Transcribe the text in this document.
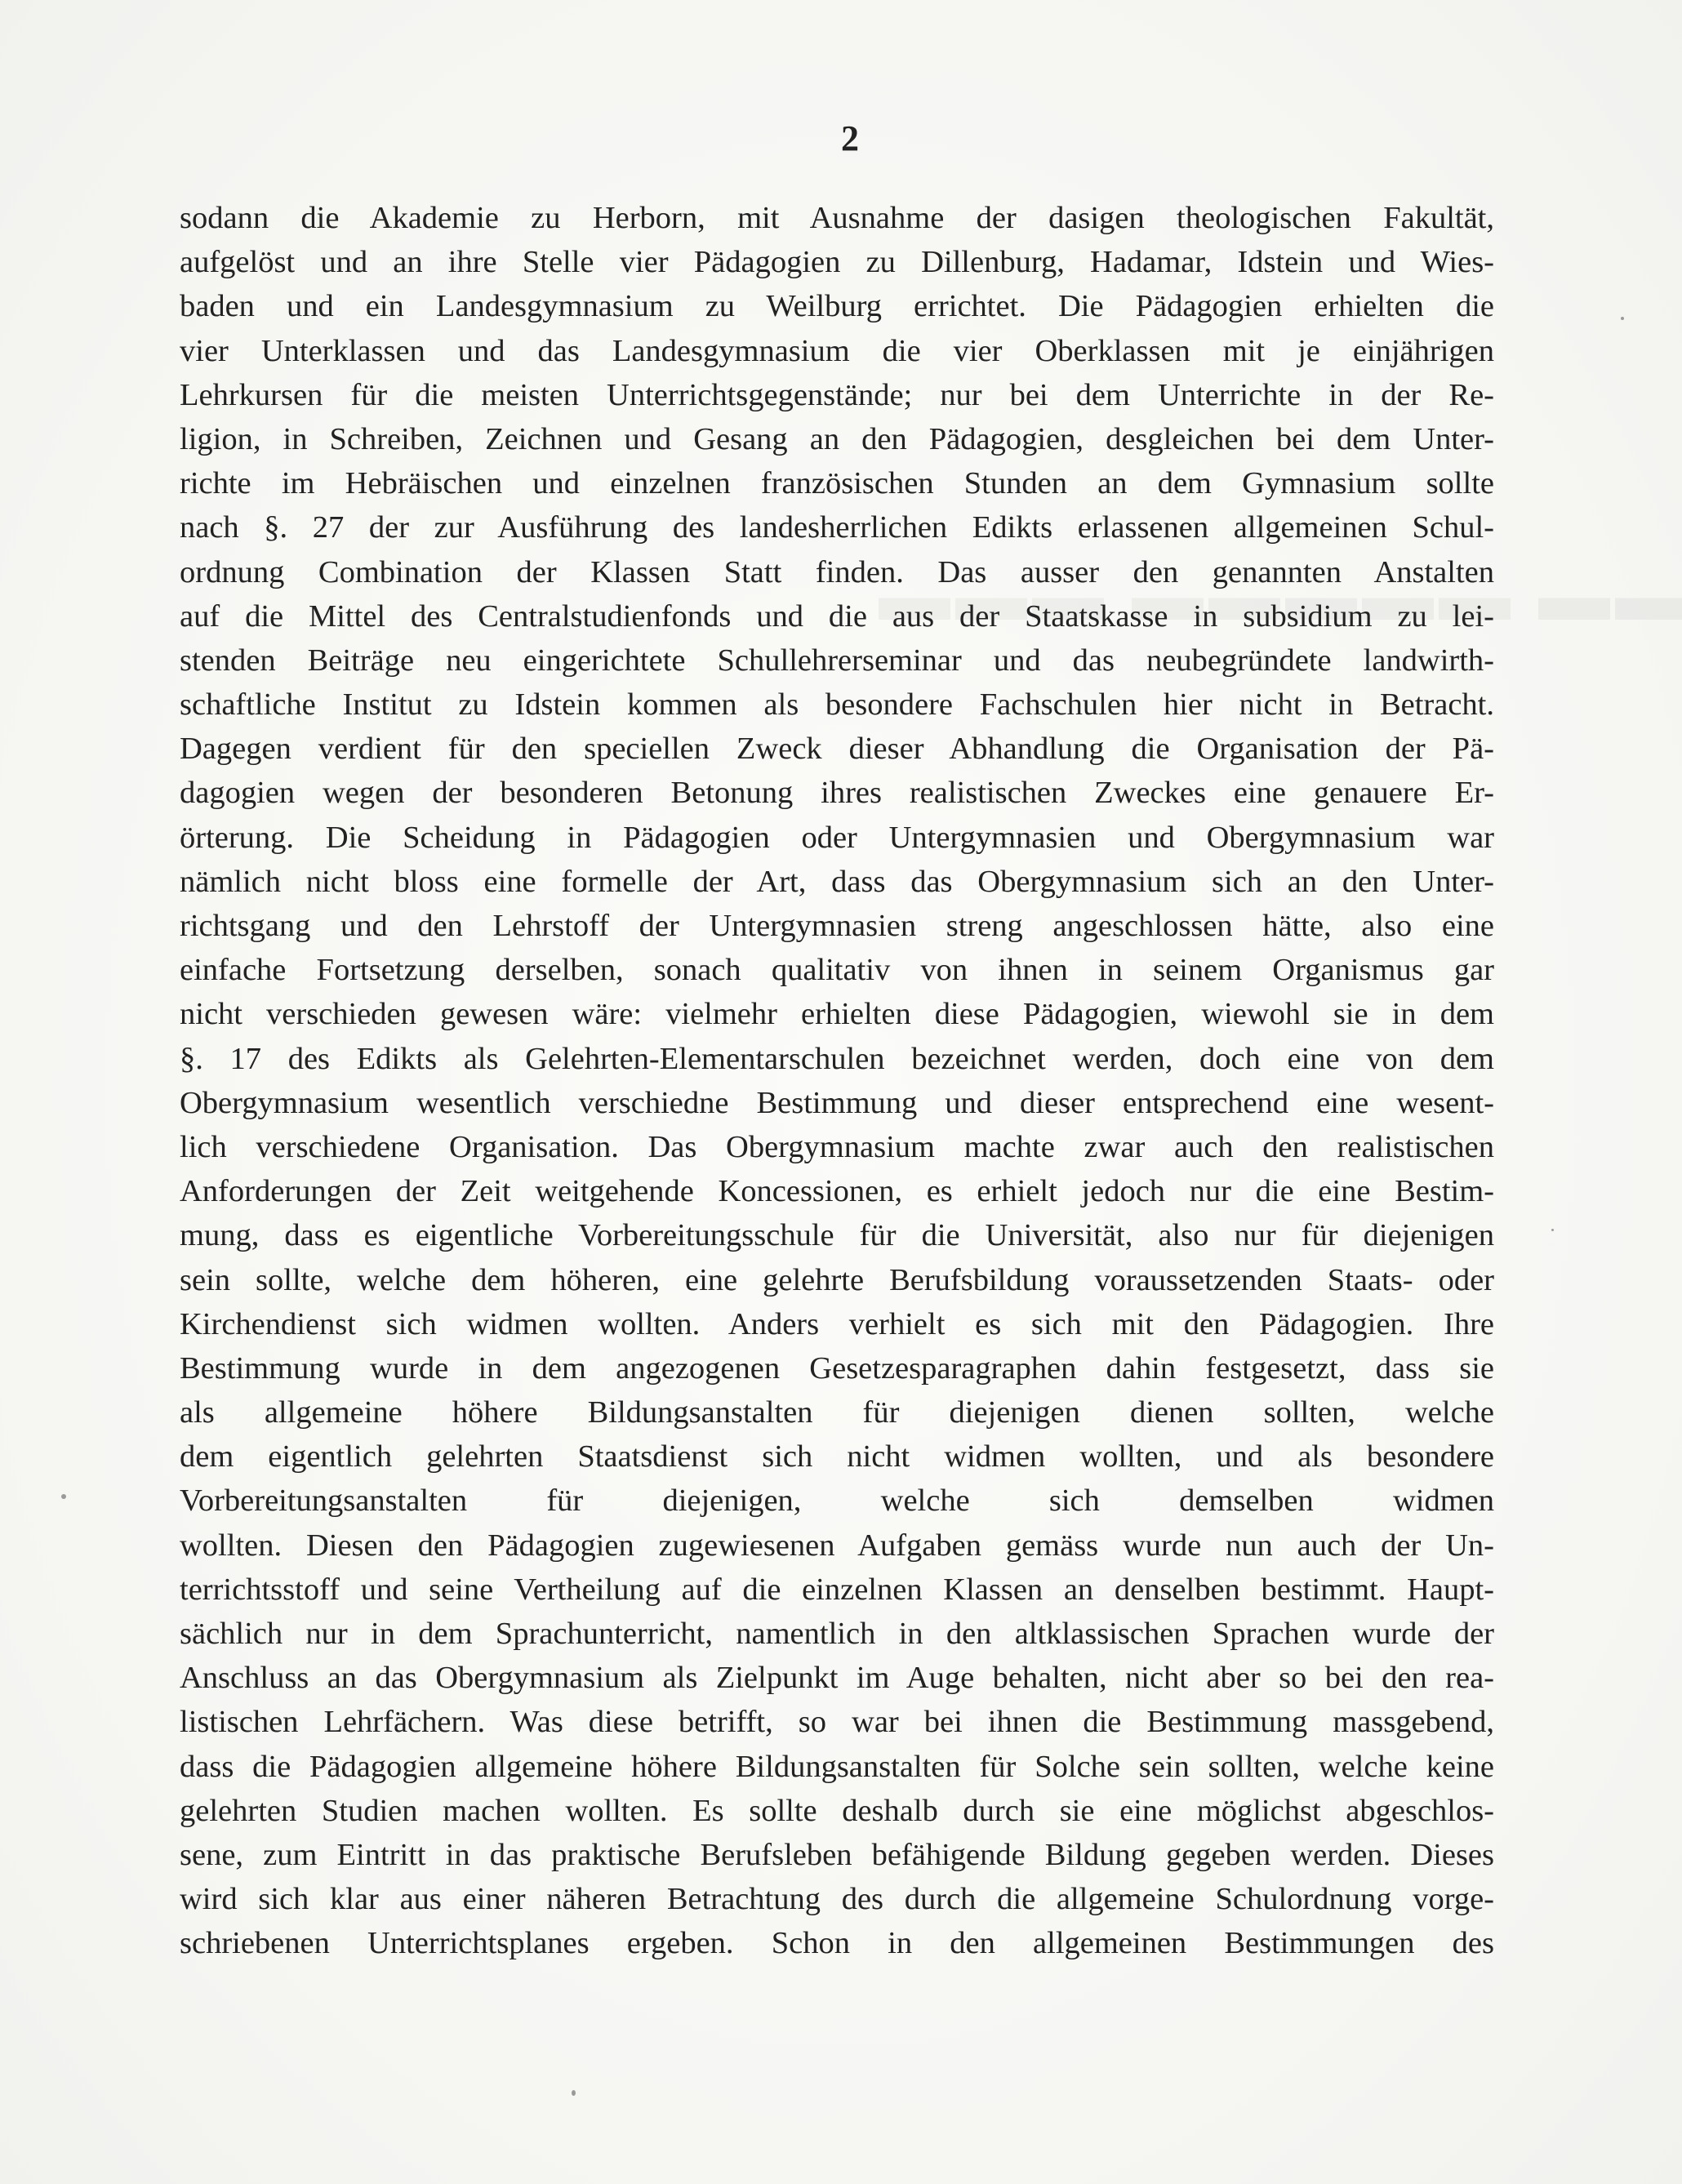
2
sodann die Akademie zu Herborn, mit Ausnahme der dasigen theologischen Fakultät,
aufgelöst und an ihre Stelle vier Pädagogien zu Dillenburg, Hadamar, Idstein und Wies-
baden und ein Landesgymnasium zu Weilburg errichtet. Die Pädagogien erhielten die
vier Unterklassen und das Landesgymnasium die vier Oberklassen mit je einjährigen
Lehrkursen für die meisten Unterrichtsgegenstände; nur bei dem Unterrichte in der Re-
ligion, in Schreiben, Zeichnen und Gesang an den Pädagogien, desgleichen bei dem Unter-
richte im Hebräischen und einzelnen französischen Stunden an dem Gymnasium sollte
nach §. 27 der zur Ausführung des landesherrlichen Edikts erlassenen allgemeinen Schul-
ordnung Combination der Klassen Statt finden. Das ausser den genannten Anstalten
auf die Mittel des Centralstudienfonds und die aus der Staatskasse in subsidium zu lei-
stenden Beiträge neu eingerichtete Schullehrerseminar und das neubegründete landwirth-
schaftliche Institut zu Idstein kommen als besondere Fachschulen hier nicht in Betracht.
Dagegen verdient für den speciellen Zweck dieser Abhandlung die Organisation der Pä-
dagogien wegen der besonderen Betonung ihres realistischen Zweckes eine genauere Er-
örterung. Die Scheidung in Pädagogien oder Untergymnasien und Obergymnasium war
nämlich nicht bloss eine formelle der Art, dass das Obergymnasium sich an den Unter-
richtsgang und den Lehrstoff der Untergymnasien streng angeschlossen hätte, also eine
einfache Fortsetzung derselben, sonach qualitativ von ihnen in seinem Organismus gar
nicht verschieden gewesen wäre: vielmehr erhielten diese Pädagogien, wiewohl sie in dem
§. 17 des Edikts als Gelehrten-Elementarschulen bezeichnet werden, doch eine von dem
Obergymnasium wesentlich verschiedne Bestimmung und dieser entsprechend eine wesent-
lich verschiedene Organisation. Das Obergymnasium machte zwar auch den realistischen
Anforderungen der Zeit weitgehende Koncessionen, es erhielt jedoch nur die eine Bestim-
mung, dass es eigentliche Vorbereitungsschule für die Universität, also nur für diejenigen
sein sollte, welche dem höheren, eine gelehrte Berufsbildung voraussetzenden Staats- oder
Kirchendienst sich widmen wollten. Anders verhielt es sich mit den Pädagogien. Ihre
Bestimmung wurde in dem angezogenen Gesetzesparagraphen dahin festgesetzt, dass sie
als allgemeine höhere Bildungsanstalten für diejenigen dienen sollten, welche
dem eigentlich gelehrten Staatsdienst sich nicht widmen wollten, und als besondere
Vorbereitungsanstalten für diejenigen, welche sich demselben widmen
wollten. Diesen den Pädagogien zugewiesenen Aufgaben gemäss wurde nun auch der Un-
terrichtsstoff und seine Vertheilung auf die einzelnen Klassen an denselben bestimmt. Haupt-
sächlich nur in dem Sprachunterricht, namentlich in den altklassischen Sprachen wurde der
Anschluss an das Obergymnasium als Zielpunkt im Auge behalten, nicht aber so bei den rea-
listischen Lehrfächern. Was diese betrifft, so war bei ihnen die Bestimmung massgebend,
dass die Pädagogien allgemeine höhere Bildungsanstalten für Solche sein sollten, welche keine
gelehrten Studien machen wollten. Es sollte deshalb durch sie eine möglichst abgeschlos-
sene, zum Eintritt in das praktische Berufsleben befähigende Bildung gegeben werden. Dieses
wird sich klar aus einer näheren Betrachtung des durch die allgemeine Schulordnung vorge-
schriebenen Unterrichtsplanes ergeben. Schon in den allgemeinen Bestimmungen des
